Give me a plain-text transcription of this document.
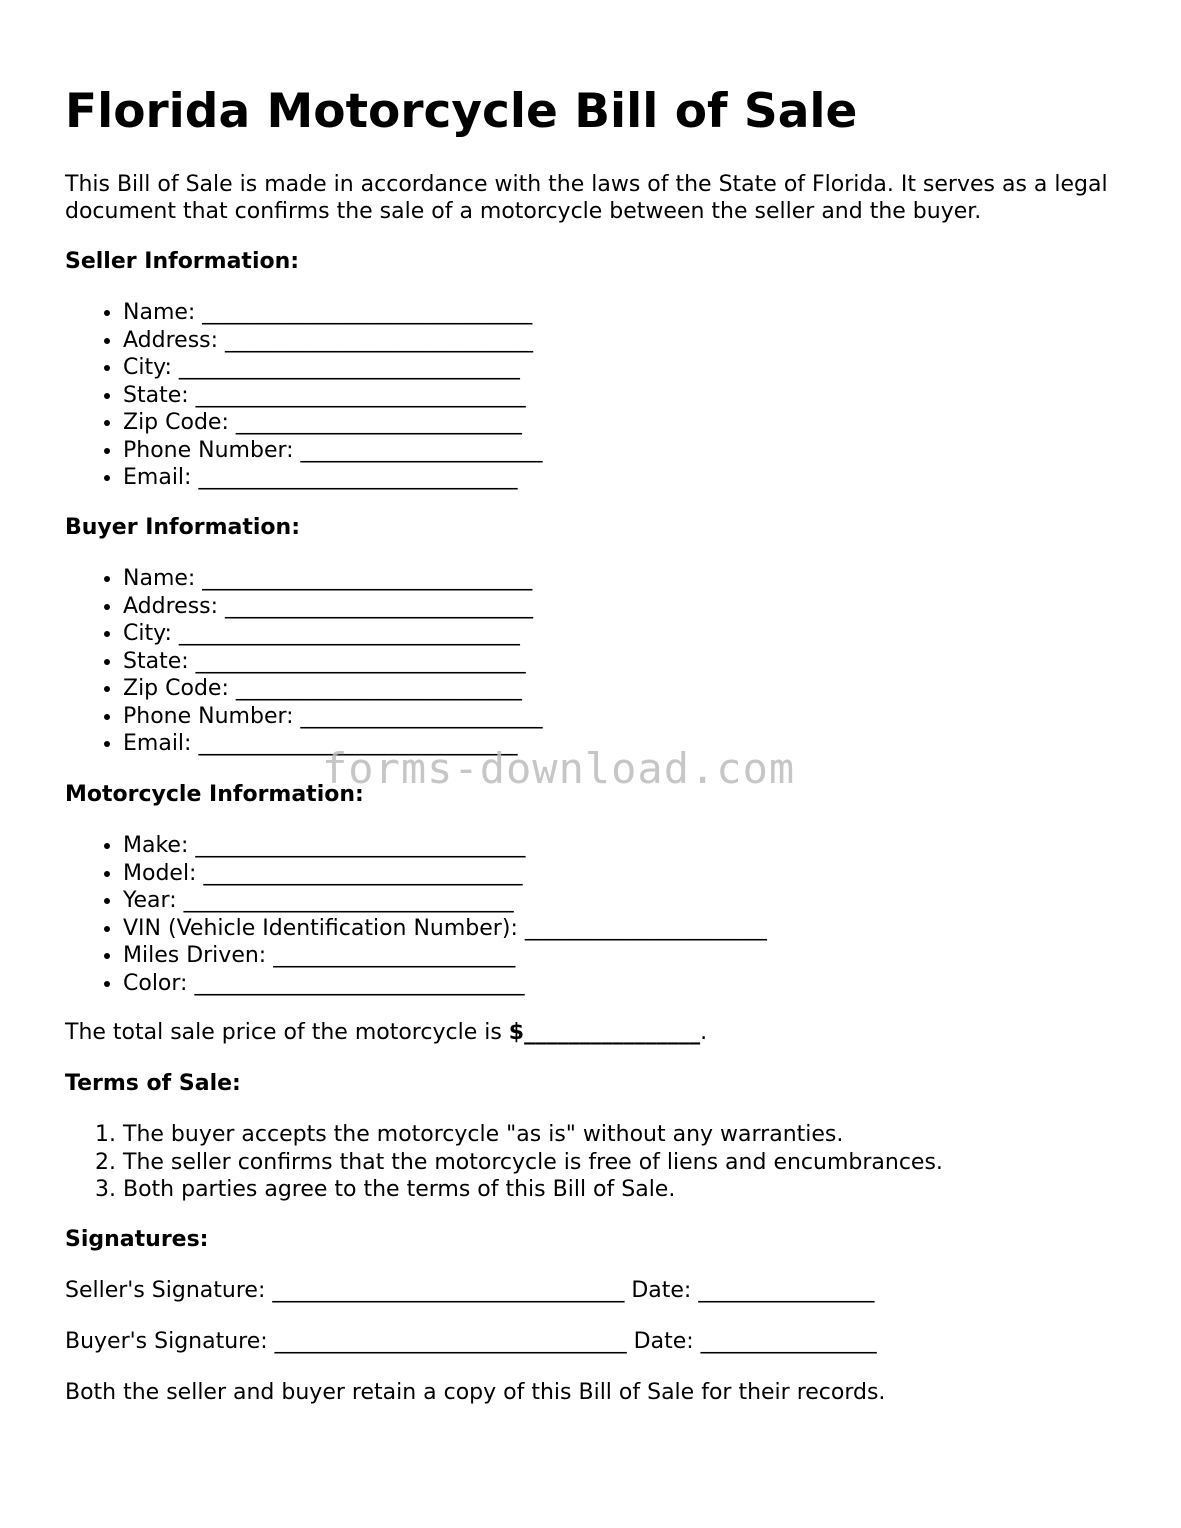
Florida Motorcycle Bill of Sale

This Bill of Sale is made in accordance with the laws of the State of Florida. It serves as a legal document that confirms the sale of a motorcycle between the seller and the buyer.

Seller Information:

• Name: ______________________________
• Address: ____________________________
• City: _______________________________
• State: ______________________________
• Zip Code: __________________________
• Phone Number: ______________________
• Email: _____________________________

Buyer Information:

• Name: ______________________________
• Address: ____________________________
• City: _______________________________
• State: ______________________________
• Zip Code: __________________________
• Phone Number: ______________________
• Email: _____________________________

Motorcycle Information:

• Make: ______________________________
• Model: _____________________________
• Year: ______________________________
• VIN (Vehicle Identification Number): ______________________
• Miles Driven: ______________________
• Color: ______________________________

The total sale price of the motorcycle is $________________.

Terms of Sale:

1. The buyer accepts the motorcycle "as is" without any warranties.
2. The seller confirms that the motorcycle is free of liens and encumbrances.
3. Both parties agree to the terms of this Bill of Sale.

Signatures:

Seller's Signature: ________________________________ Date: ________________

Buyer's Signature: ________________________________ Date: ________________

Both the seller and buyer retain a copy of this Bill of Sale for their records.

forms-download.com
